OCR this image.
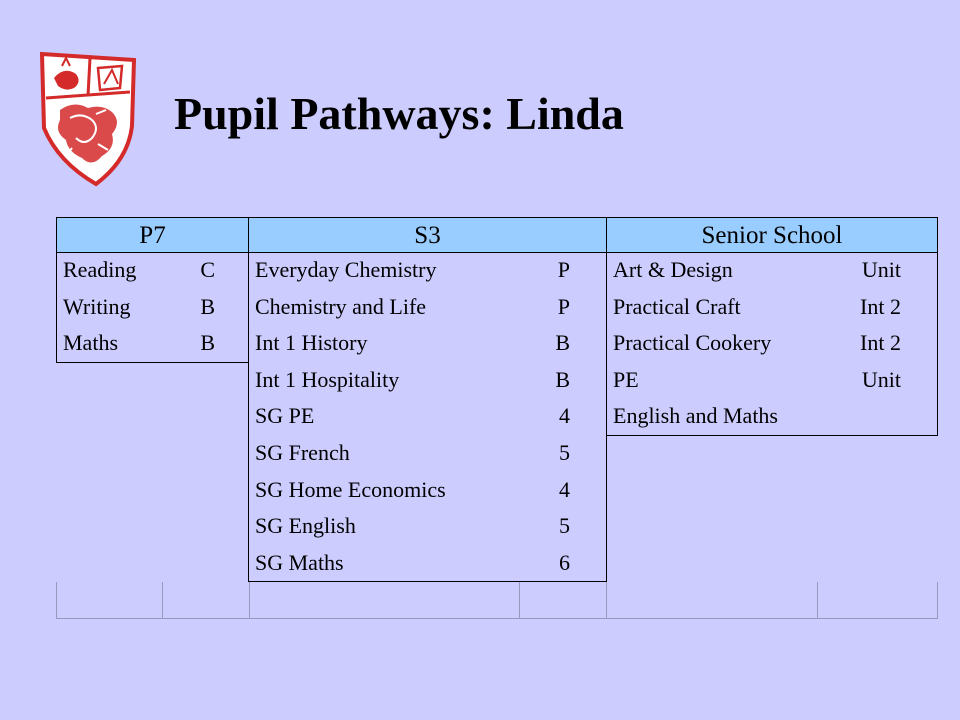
Pupil Pathways: Linda
P7
Reading	C
Writing	B
Maths	B
S3
Everyday Chemistry	P
Chemistry and Life	P
Int 1 History	B
Int 1 Hospitality	B
SG PE	4
SG French	5
SG Home Economics	4
SG English	5
SG Maths	6
Senior School
Art & Design	Unit
Practical Craft	Int 2
Practical Cookery	Int 2
PE	Unit
English and Maths
